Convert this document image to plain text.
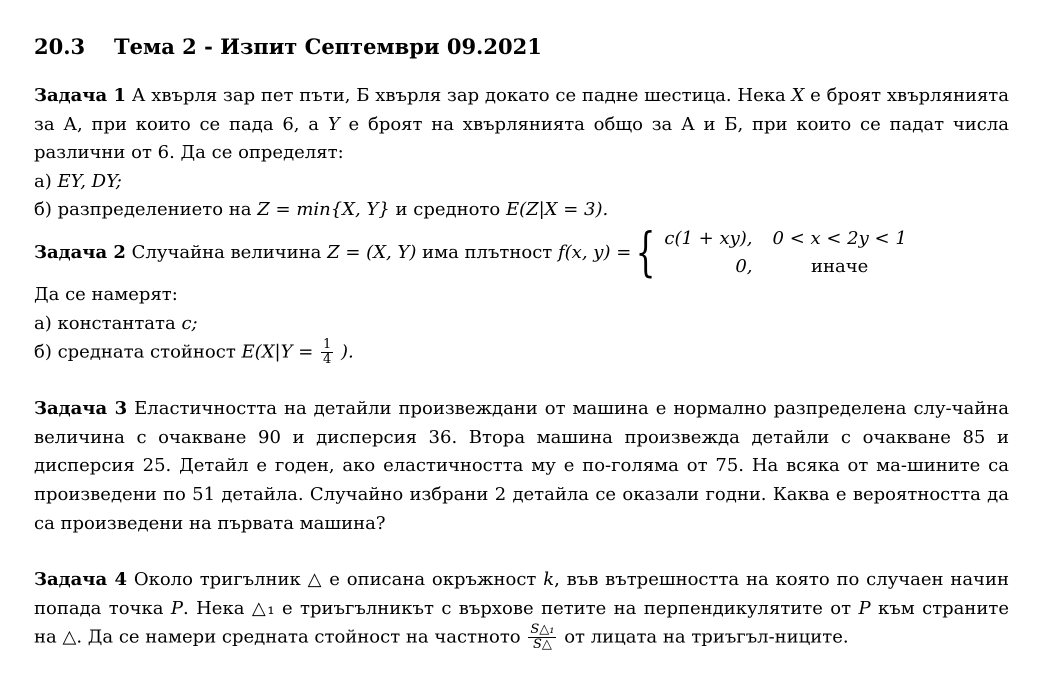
20.3 Тема 2 - Изпит Септември 09.2021
Задача 1 А хвърля зар пет пъти, Б хвърля зар докато се падне шестица. Нека X е броят хвърлянията за А, при които се пада 6, а Y е броят на хвърлянията общо за А и Б, при които се падат числа различни от 6. Да се определят:
а) EY, DY;
б) разпределението на Z = min{X, Y} и средното E(Z|X = 3).
Задача 2
Случайна величина
Z = (X, Y)
има плътност
f(x, y) = { c(1 + xy), 0 < x < 2y < 1
0,	иначе
Да се намерят:
а) константата c;
б) средната стойност $E(X|Y = \frac{1}{4}$ ).
Задача 3 Еластичността на детайли произвеждани от машина е нормално разпределена слу-чайна величина с очакване 90 и дисперсия 36. Втора машина произвежда детайли с очакване 85 и дисперсия 25. Детайл е годен, ако еластичността му е по-голяма от 75. На всяка от ма-шините са произведени по 51 детайла. Случайно избрани 2 детайла се оказали годни. Каква е вероятността да са произведени на първата машина?
Задача 4 Около тригълник △ е описана окръжност k, във вътрешността на която по случаен начин попада точка P. Нека △₁ е триъгълникът с върхове петите на перпендикулятите от P към страните на △. Да се намери средната стойност на частното $\frac{\text{S△₁}}{S\triangle}$ от лицата на триъгъл-ниците.
